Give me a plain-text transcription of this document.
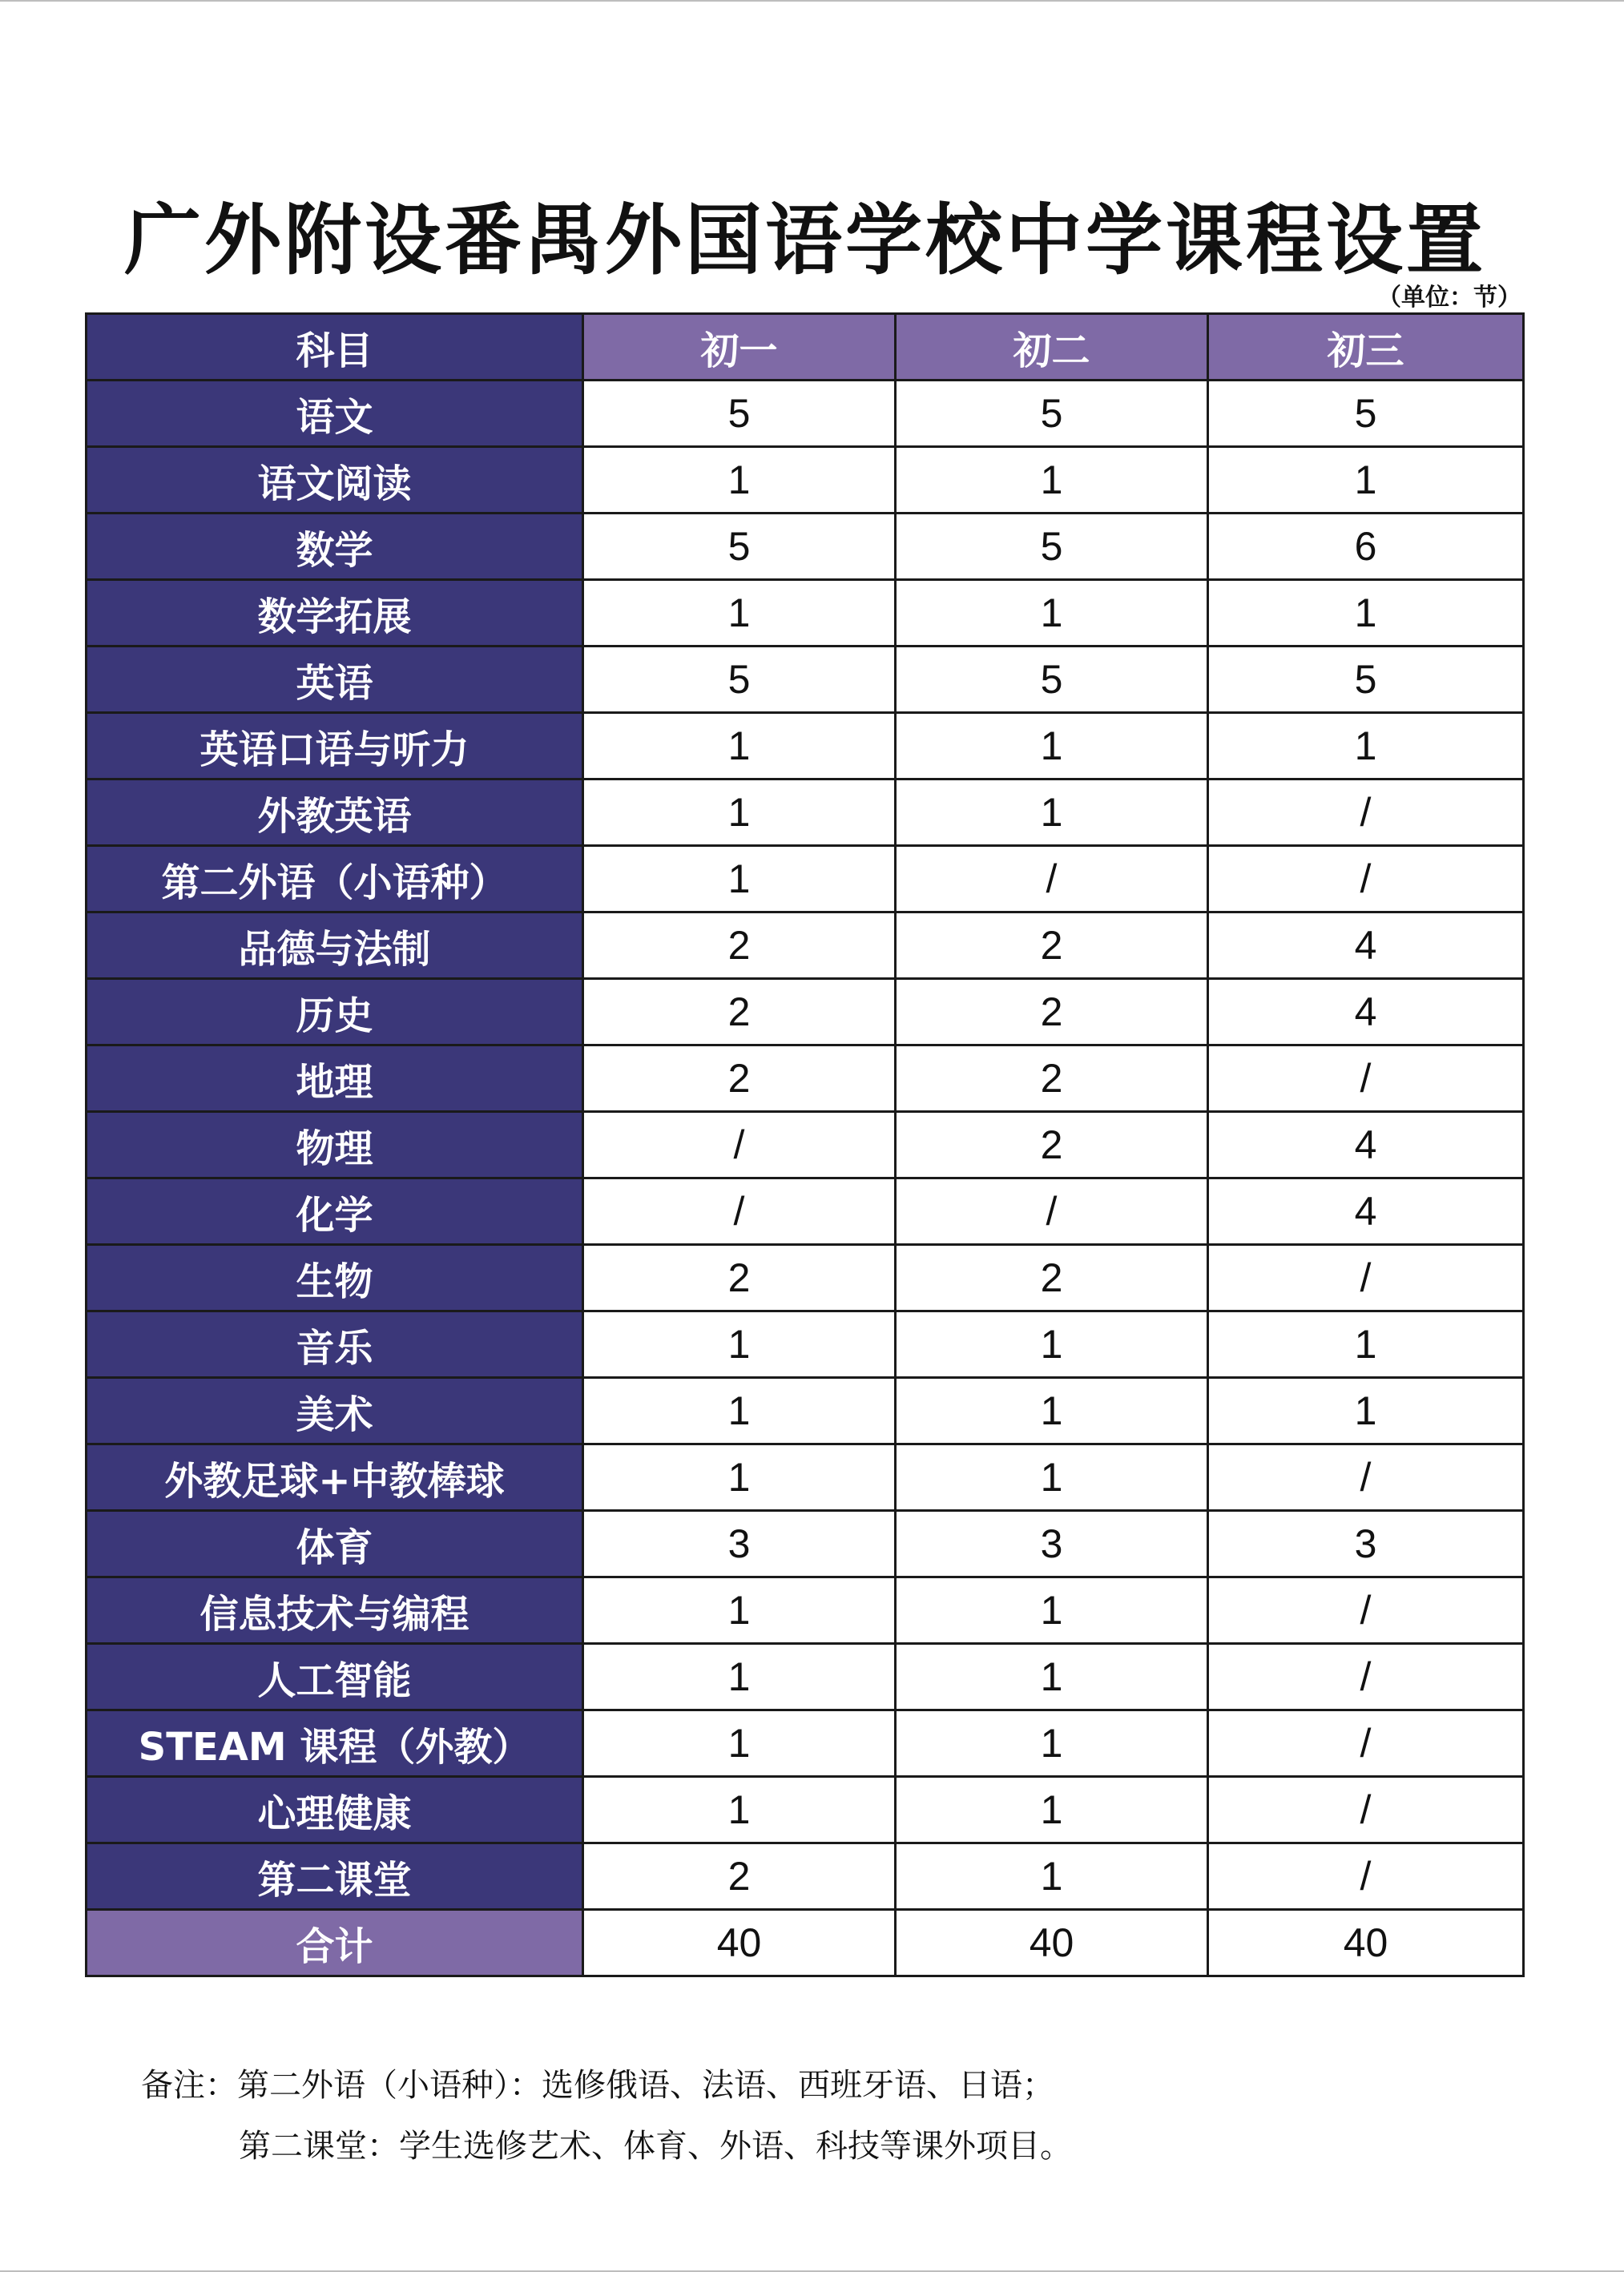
广外附设番禺外国语学校中学课程设置
（单位：节）
科目	初一	初二	初三
语文	5	5	5
语文阅读	1	1	1
数学	5	5	6
数学拓展	1	1	1
英语	5	5	5
英语口语与听力	1	1	1
外教英语	1	1	/
第二外语（小语种）	1	/	/
品德与法制	2	2	4
历史	2	2	4
地理	2	2	/
物理	/	2	4
化学	/	/	4
生物	2	2	/
音乐	1	1	1
美术	1	1	1
外教足球+中教棒球	1	1	/
体育	3	3	3
信息技术与编程	1	1	/
人工智能	1	1	/
STEAM 课程（外教）	1	1	/
心理健康	1	1	/
第二课堂	2	1	/
合计	40	40	40
备注：第二外语（小语种）：选修俄语、法语、西班牙语、日语；
第二课堂：学生选修艺术、体育、外语、科技等课外项目。
